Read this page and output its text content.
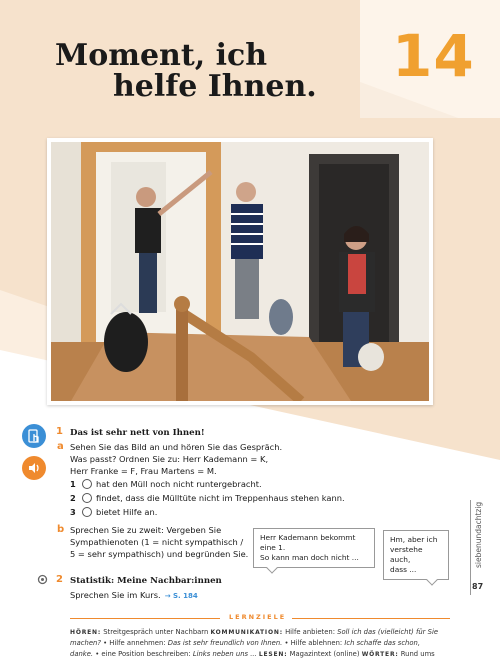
Moment, ich
helfe Ihnen. 14
1 Das ist sehr nett von Ihnen!
a Sehen Sie das Bild an und hören Sie das Gespräch.
Was passt? Ordnen Sie zu: Herr Kademann = K,
Herr Franke = F, Frau Martens = M.
1 hat den Müll noch nicht runtergebracht.
2 findet, dass die Mülltüte nicht im Treppenhaus stehen kann.
3 bietet Hilfe an.
b Sprechen Sie zu zweit: Vergeben Sie
Sympathienoten (1 = nicht sympathisch /
5 = sehr sympathisch) und begründen Sie.
Herr Kademann bekommt eine 1.
So kann man doch nicht ...
Hm, aber ich
verstehe auch,
dass ...
2 Statistik: Meine Nachbar:innen
Sprechen Sie im Kurs. → S. 184
siebenundachtzig
87
LERNZIELE
HÖREN: Streitgespräch unter Nachbarn KOMMUNIKATION: Hilfe anbieten: Soll ich das (vielleicht) für Sie
machen? • Hilfe annehmen: Das ist sehr freundlich von Ihnen. • Hilfe ablehnen: Ich schaffe das schon,
danke. • eine Position beschreiben: Links neben uns ... LESEN: Magazintext (online) WÖRTER: Rund ums
